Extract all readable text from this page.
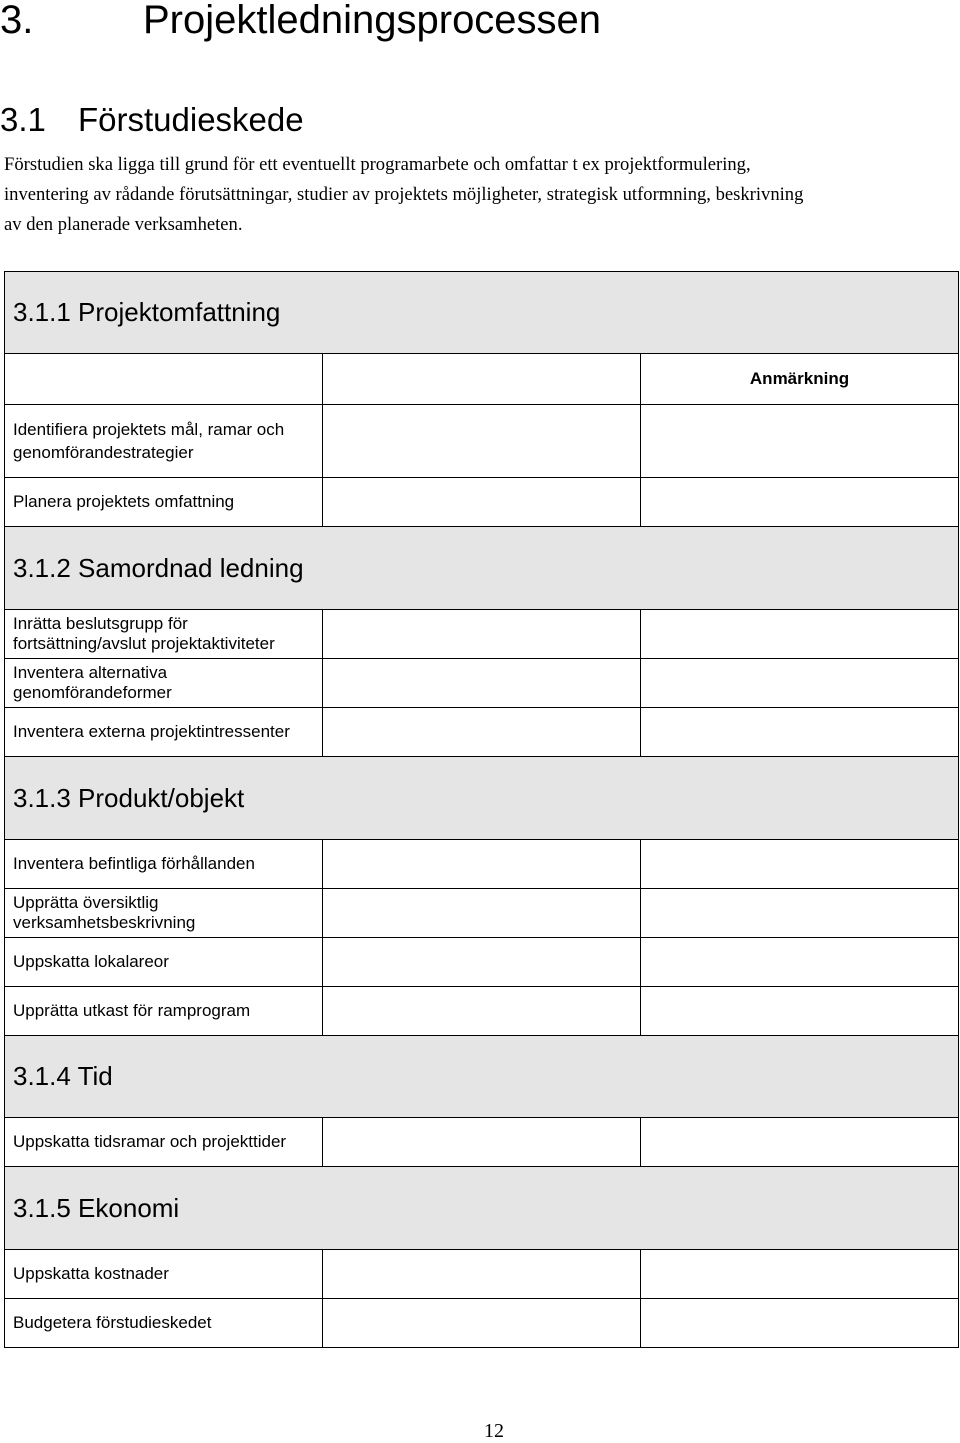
3.	Projektledningsprocessen
3.1 Förstudieskede
Förstudien ska ligga till grund för ett eventuellt programarbete och omfattar t ex projektformulering,
inventering av rådande förutsättningar, studier av projektets möjligheter, strategisk utformning, beskrivning
av den planerade verksamheten.
3.1.1 Projektomfattning		
		Anmärkning
Identifiera projektets mål, ramar och genomförandestrategier		
Planera projektets omfattning		
3.1.2 Samordnad ledning		
Inrätta beslutsgrupp för fortsättning/avslut projektaktiviteter		
Inventera alternativa genomförandeformer		
Inventera externa projektintressenter		
3.1.3 Produkt/objekt		
Inventera befintliga förhållanden		
Upprätta översiktlig verksamhetsbeskrivning		
Uppskatta lokalareor		
Upprätta utkast för ramprogram		
3.1.4 Tid		
Uppskatta tidsramar och projekttider		
3.1.5 Ekonomi		
Uppskatta kostnader		
Budgetera förstudieskedet		
12
